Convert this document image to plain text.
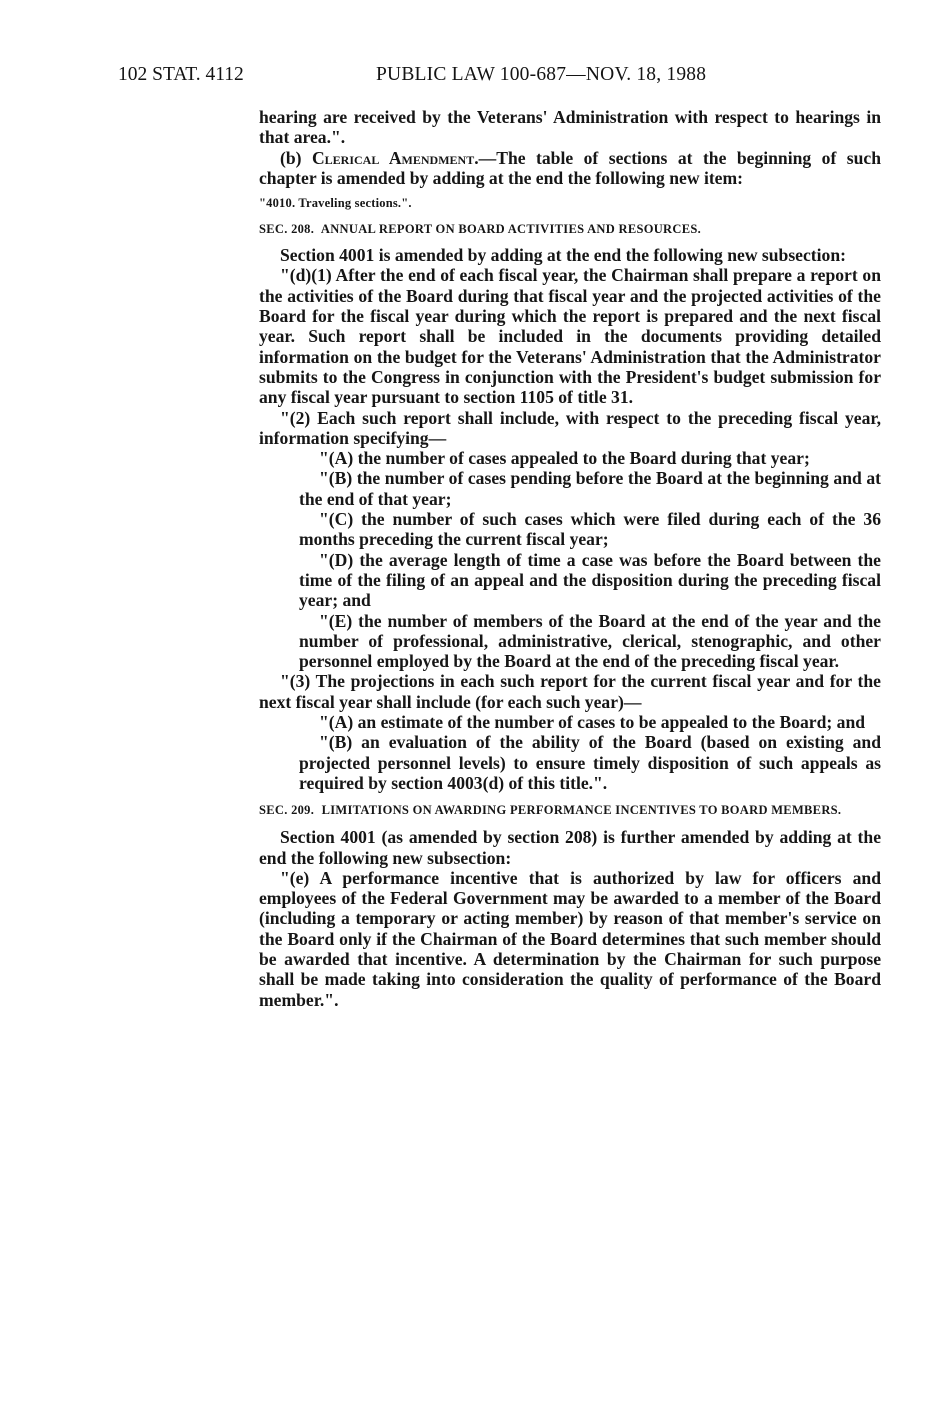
102 STAT. 4112	PUBLIC LAW 100-687—NOV. 18, 1988

hearing are received by the Veterans' Administration with respect to hearings in that area.".

(b) Clerical Amendment.—The table of sections at the beginning of such chapter is amended by adding at the end the following new item:

"4010. Traveling sections.".
SEC. 208. ANNUAL REPORT ON BOARD ACTIVITIES AND RESOURCES.

Section 4001 is amended by adding at the end the following new subsection:

"(d)(1) After the end of each fiscal year, the Chairman shall prepare a report on the activities of the Board during that fiscal year and the projected activities of the Board for the fiscal year during which the report is prepared and the next fiscal year. Such report shall be included in the documents providing detailed information on the budget for the Veterans' Administration that the Administrator submits to the Congress in conjunction with the President's budget submission for any fiscal year pursuant to section 1105 of title 31.

"(2) Each such report shall include, with respect to the preceding fiscal year, information specifying—

"(A) the number of cases appealed to the Board during that year;

"(B) the number of cases pending before the Board at the beginning and at the end of that year;

"(C) the number of such cases which were filed during each of the 36 months preceding the current fiscal year;

"(D) the average length of time a case was before the Board between the time of the filing of an appeal and the disposition during the preceding fiscal year; and

"(E) the number of members of the Board at the end of the year and the number of professional, administrative, clerical, stenographic, and other personnel employed by the Board at the end of the preceding fiscal year.

"(3) The projections in each such report for the current fiscal year and for the next fiscal year shall include (for each such year)—

"(A) an estimate of the number of cases to be appealed to the Board; and

"(B) an evaluation of the ability of the Board (based on existing and projected personnel levels) to ensure timely disposition of such appeals as required by section 4003(d) of this title.".

SEC. 209. LIMITATIONS ON AWARDING PERFORMANCE INCENTIVES TO BOARD MEMBERS.

Section 4001 (as amended by section 208) is further amended by adding at the end the following new subsection:

"(e) A performance incentive that is authorized by law for officers and employees of the Federal Government may be awarded to a member of the Board (including a temporary or acting member) by reason of that member's service on the Board only if the Chairman of the Board determines that such member should be awarded that incentive. A determination by the Chairman for such purpose shall be made taking into consideration the quality of performance of the Board member.".
